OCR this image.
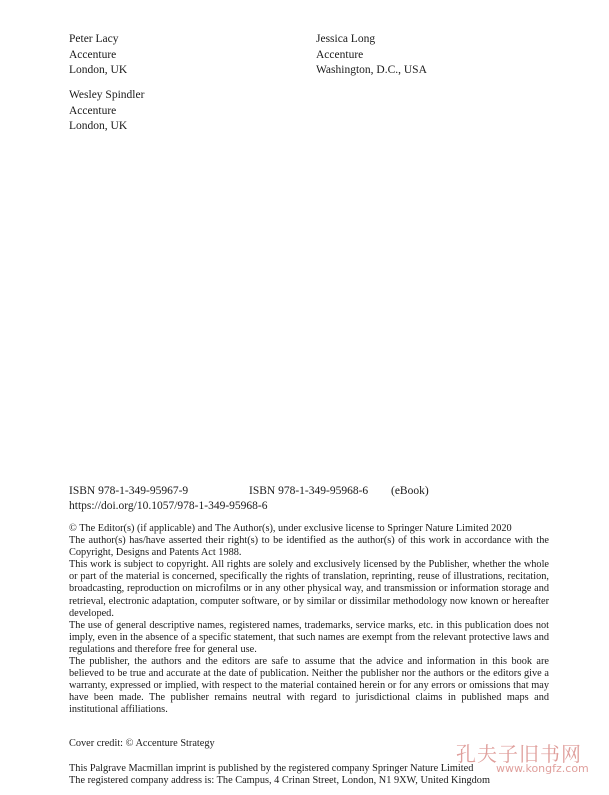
Peter Lacy
Accenture
London, UK
Jessica Long
Accenture
Washington, D.C., USA
Wesley Spindler
Accenture
London, UK
ISBN 978-1-349-95967-9	ISBN 978-1-349-95968-6 (eBook)
https://doi.org/10.1057/978-1-349-95968-6

© The Editor(s) (if applicable) and The Author(s), under exclusive license to Springer Nature Limited 2020

The author(s) has/have asserted their right(s) to be identified as the author(s) of this work in accordance with the Copyright, Designs and Patents Act 1988.

This work is subject to copyright. All rights are solely and exclusively licensed by the Publisher, whether the whole or part of the material is concerned, specifically the rights of translation, reprinting, reuse of illustrations, recitation, broadcasting, reproduction on microfilms or in any other physical way, and transmission or information storage and retrieval, electronic adaptation, computer software, or by similar or dissimilar methodology now known or hereafter developed.

The use of general descriptive names, registered names, trademarks, service marks, etc. in this publication does not imply, even in the absence of a specific statement, that such names are exempt from the relevant protective laws and regulations and therefore free for general use.

The publisher, the authors and the editors are safe to assume that the advice and information in this book are believed to be true and accurate at the date of publication. Neither the publisher nor the authors or the editors give a warranty, expressed or implied, with respect to the material contained herein or for any errors or omissions that may have been made. The publisher remains neutral with regard to jurisdictional claims in published maps and institutional affiliations.

Cover credit: © Accenture Strategy

This Palgrave Macmillan imprint is published by the registered company Springer Nature Limited

The registered company address is: The Campus, 4 Crinan Street, London, N1 9XW, United Kingdom

孔夫子旧书网
www.kongfz.com
